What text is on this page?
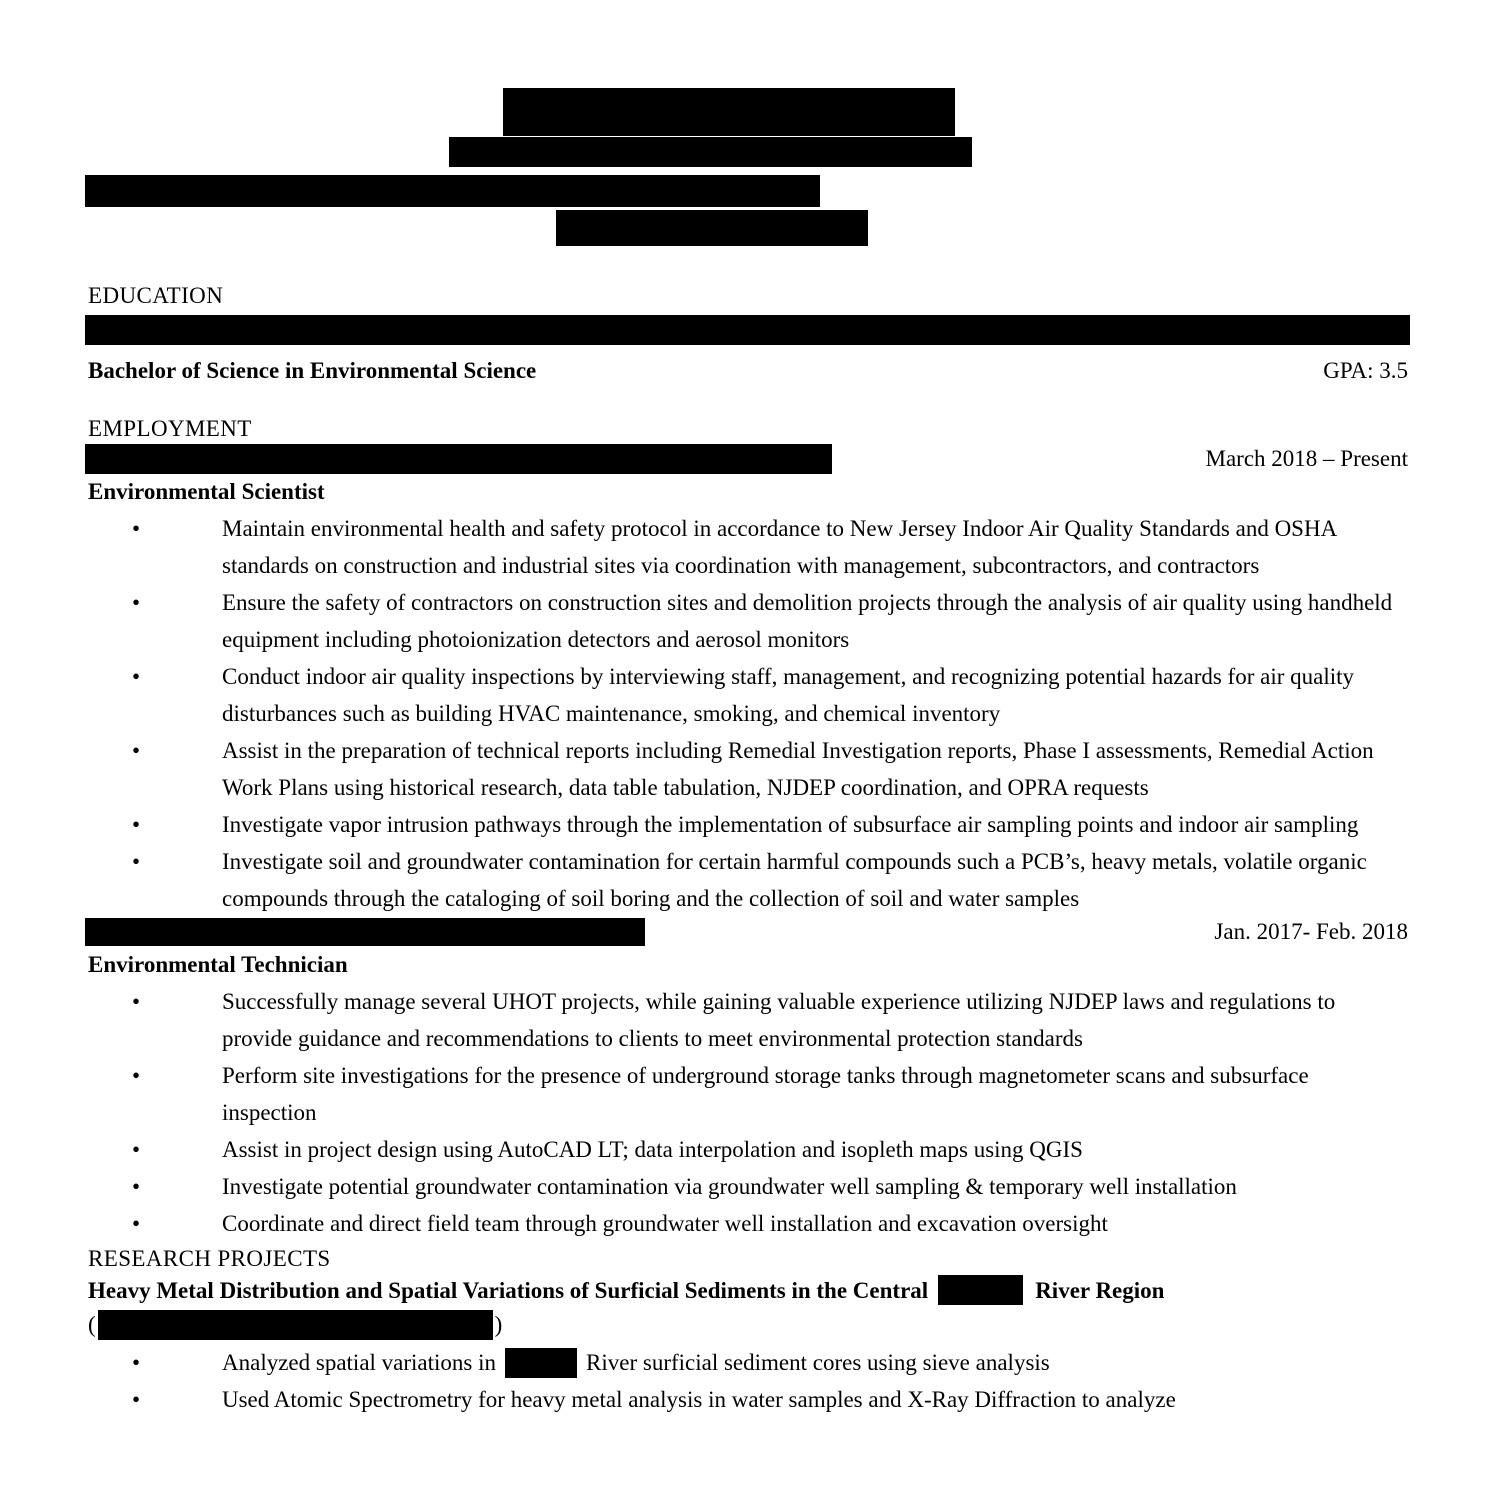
EDUCATION
Bachelor of Science in Environmental Science	GPA: 3.5
EMPLOYMENT
March 2018 – Present
Environmental Scientist
• Maintain environmental health and safety protocol in accordance to New Jersey Indoor Air Quality Standards and OSHA standards on construction and industrial sites via coordination with management, subcontractors, and contractors
• Ensure the safety of contractors on construction sites and demolition projects through the analysis of air quality using handheld equipment including photoionization detectors and aerosol monitors
• Conduct indoor air quality inspections by interviewing staff, management, and recognizing potential hazards for air quality disturbances such as building HVAC maintenance, smoking, and chemical inventory
• Assist in the preparation of technical reports including Remedial Investigation reports, Phase I assessments, Remedial Action Work Plans using historical research, data table tabulation, NJDEP coordination, and OPRA requests
• Investigate vapor intrusion pathways through the implementation of subsurface air sampling points and indoor air sampling
• Investigate soil and groundwater contamination for certain harmful compounds such a PCB’s, heavy metals, volatile organic compounds through the cataloging of soil boring and the collection of soil and water samples
Jan. 2017- Feb. 2018
Environmental Technician
• Successfully manage several UHOT projects, while gaining valuable experience utilizing NJDEP laws and regulations to provide guidance and recommendations to clients to meet environmental protection standards
• Perform site investigations for the presence of underground storage tanks through magnetometer scans and subsurface inspection
• Assist in project design using AutoCAD LT; data interpolation and isopleth maps using QGIS
• Investigate potential groundwater contamination via groundwater well sampling & temporary well installation
• Coordinate and direct field team through groundwater well installation and excavation oversight
RESEARCH PROJECTS
Heavy Metal Distribution and Spatial Variations of Surficial Sediments in the Central	River Region
(	)
• Analyzed spatial variations in	River surficial sediment cores using sieve analysis
• Used Atomic Spectrometry for heavy metal analysis in water samples and X-Ray Diffraction to analyze
